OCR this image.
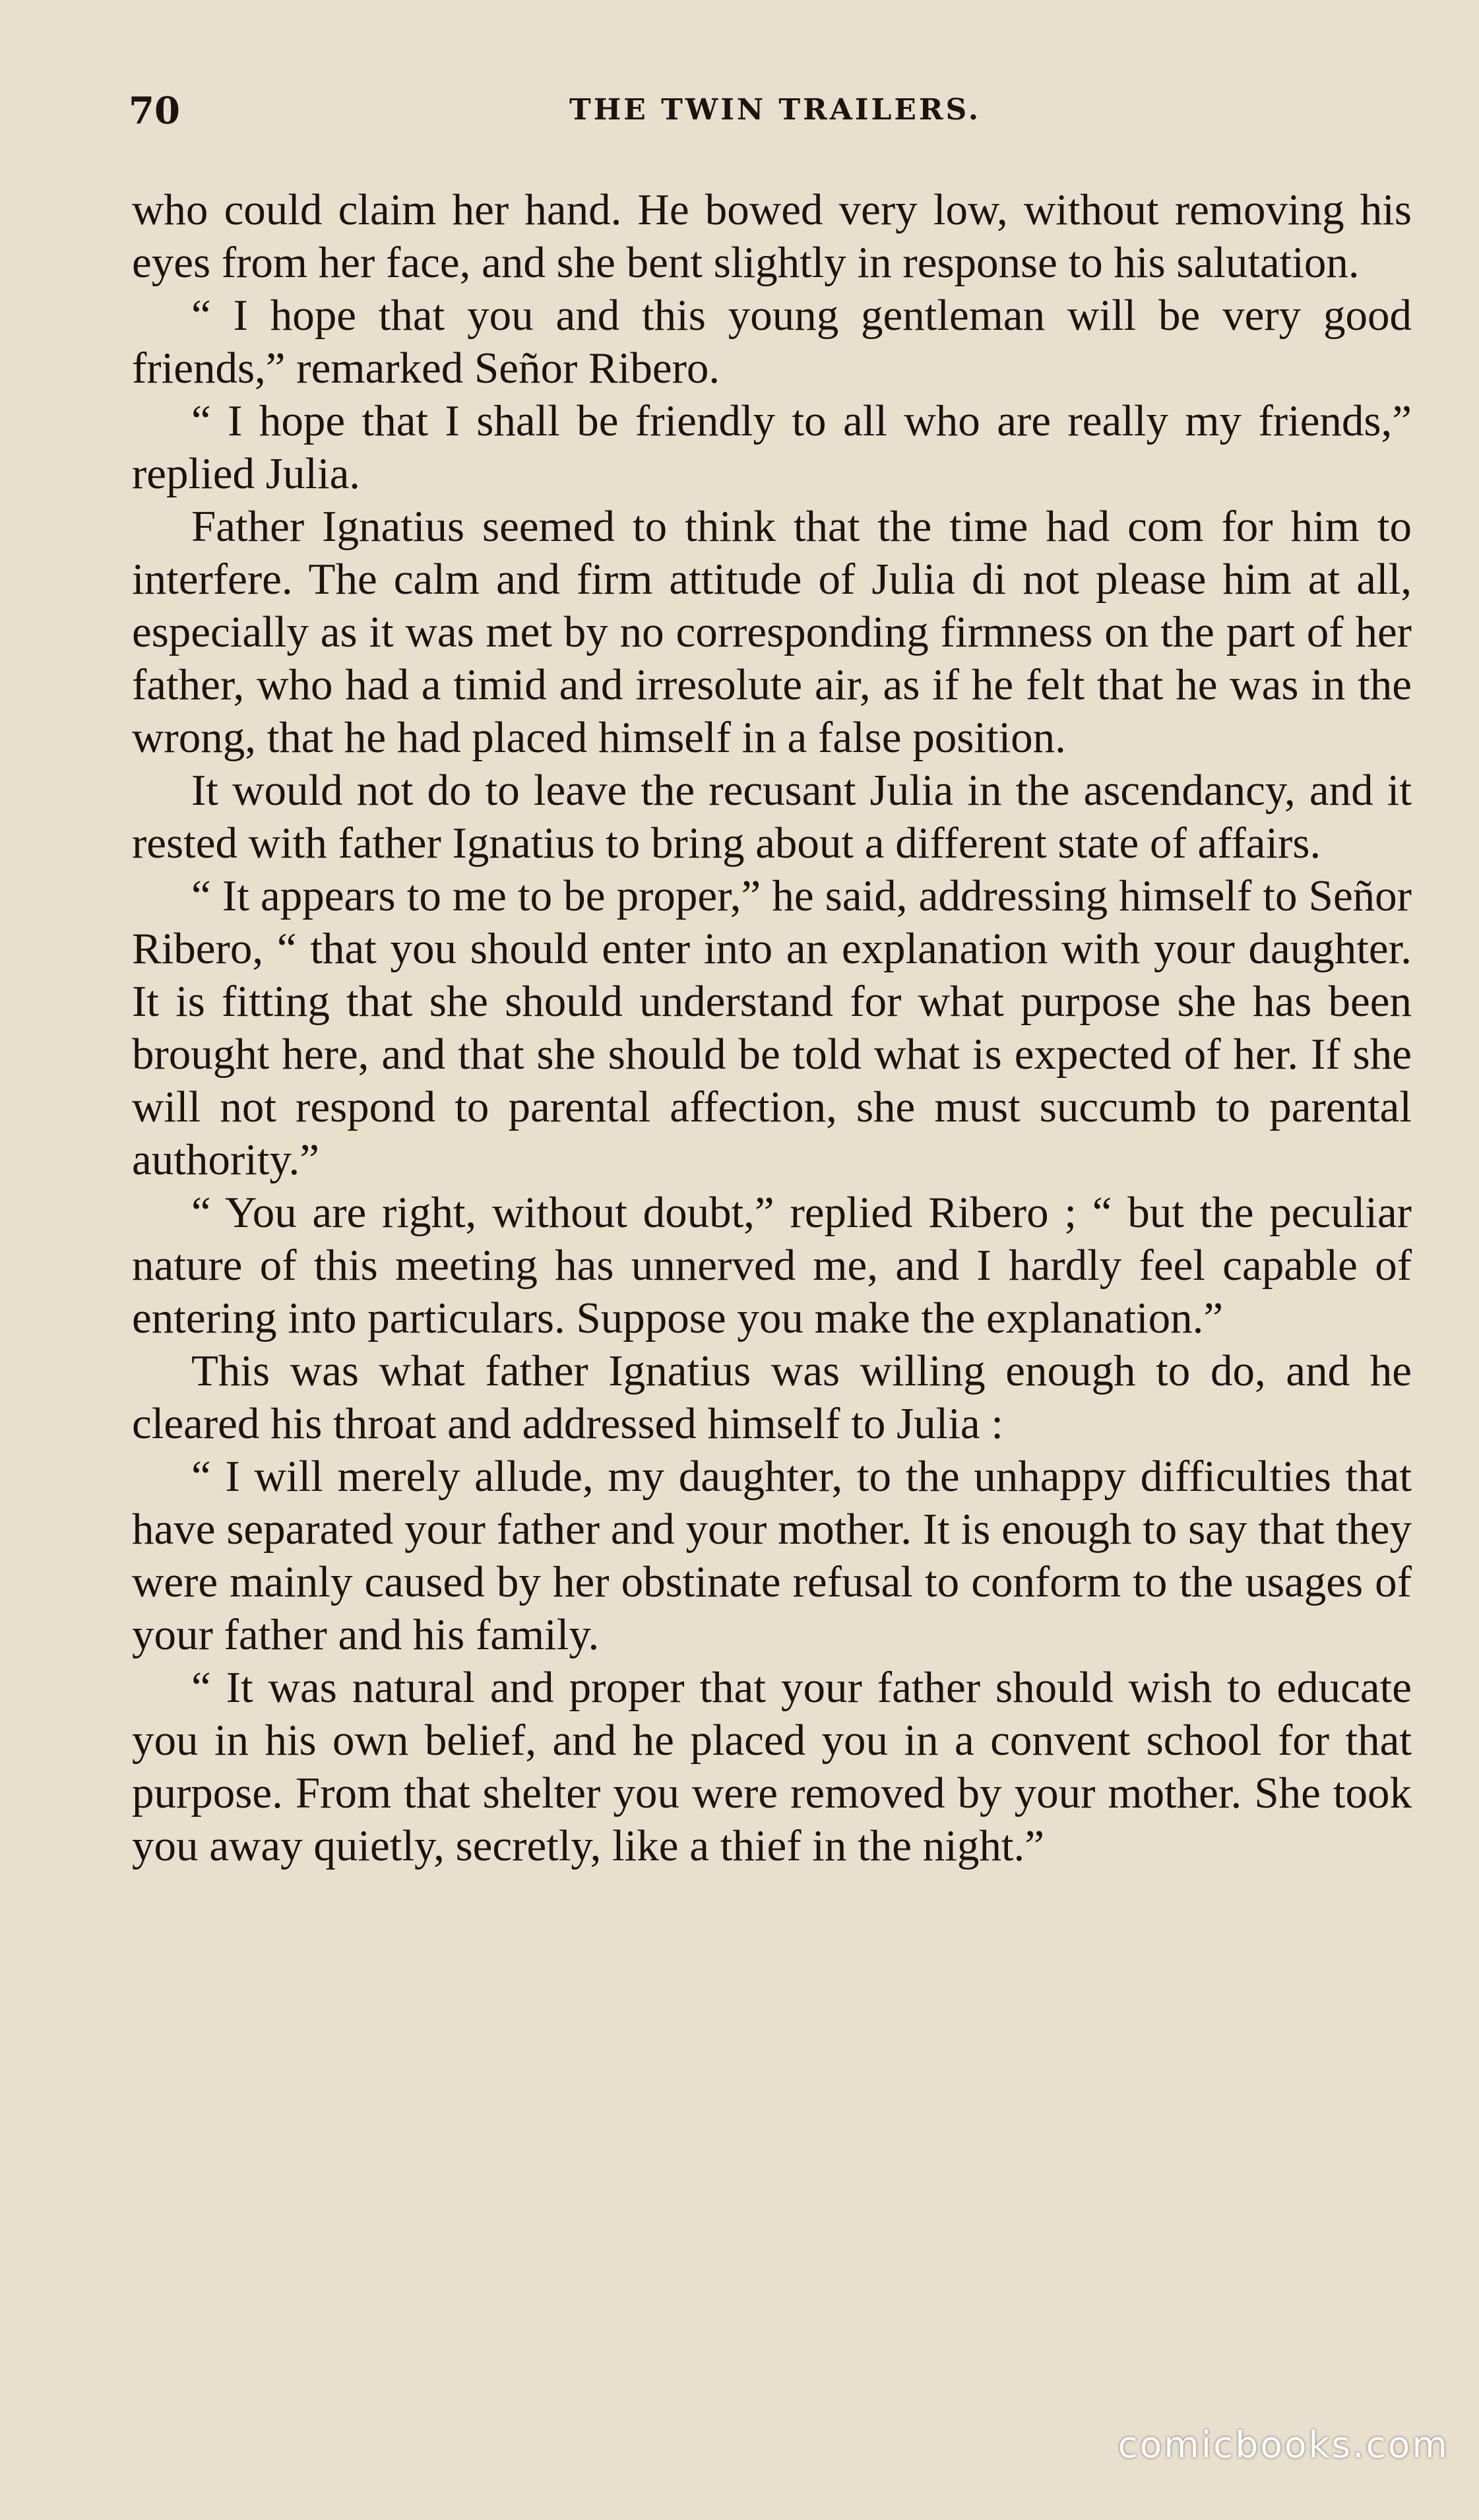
70	THE TWIN TRAILERS.

who could claim her hand. He bowed very low, without removing his eyes from her face, and she bent slightly in response to his salutation.

“ I hope that you and this young gentleman will be very good friends,” remarked Señor Ribero.

“ I hope that I shall be friendly to all who are really my friends,” replied Julia.

Father Ignatius seemed to think that the time had com for him to interfere. The calm and firm attitude of Julia di not please him at all, especially as it was met by no corresponding firmness on the part of her father, who had a timid and irresolute air, as if he felt that he was in the wrong, that he had placed himself in a false position.

It would not do to leave the recusant Julia in the ascendancy, and it rested with father Ignatius to bring about a different state of affairs.

“ It appears to me to be proper,” he said, addressing himself to Señor Ribero, “ that you should enter into an explanation with your daughter. It is fitting that she should understand for what purpose she has been brought here, and that she should be told what is expected of her. If she will not respond to parental affection, she must succumb to parental authority.”

“ You are right, without doubt,” replied Ribero ; “ but the peculiar nature of this meeting has unnerved me, and I hardly feel capable of entering into particulars. Suppose you make the explanation.”

This was what father Ignatius was willing enough to do, and he cleared his throat and addressed himself to Julia :

“ I will merely allude, my daughter, to the unhappy difficulties that have separated your father and your mother. It is enough to say that they were mainly caused by her obstinate refusal to conform to the usages of your father and his family.

“ It was natural and proper that your father should wish to educate you in his own belief, and he placed you in a convent school for that purpose. From that shelter you were removed by your mother. She took you away quietly, secretly, like a thief in the night.”

comicbooks.com
